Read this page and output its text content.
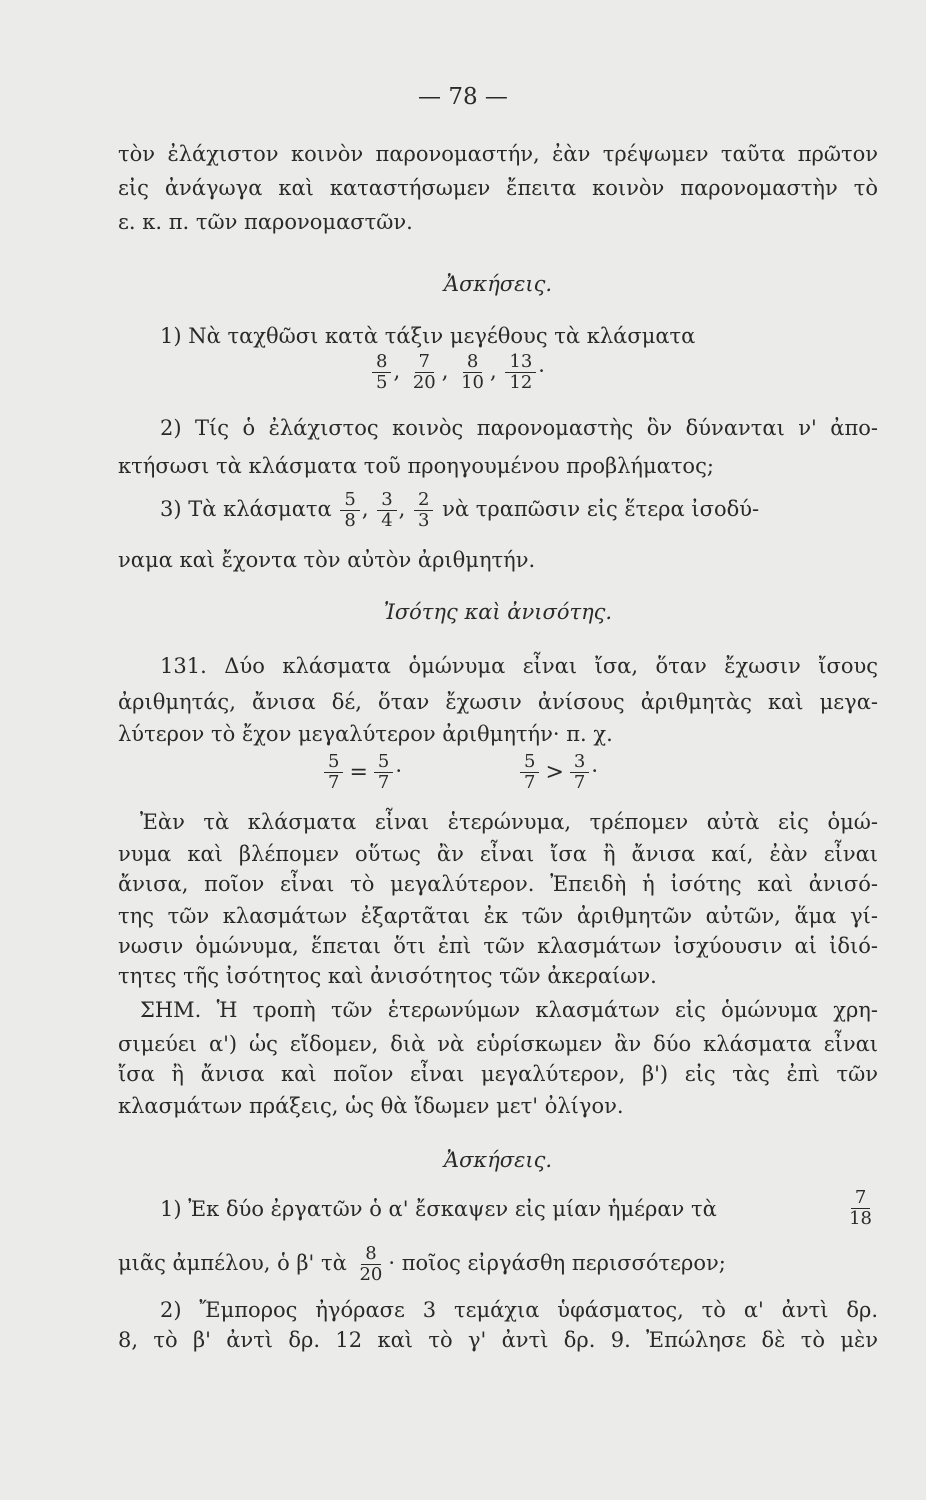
— 78 —
τὸν ἐλάχιστον κοινὸν παρονομαστήν, ἐὰν τρέψωμεν ταῦτα πρῶτον
εἰς ἀνάγωγα καὶ καταστήσωμεν ἔπειτα κοινὸν παρονομαστὴν τὸ
ε. κ. π. τῶν παρονομαστῶν.
Ἀσκήσεις.
1) Νὰ ταχθῶσι κατὰ τάξιν μεγέθους τὰ κλάσματα
$\frac{8}{5}$ , $\frac{7}{20}$ , $\frac{8}{10}$ , $\frac{13}{12}$ ·
2) Τίς ὁ ἐλάχιστος κοινὸς παρονομαστὴς ὃν δύνανται ν' ἀπο-
κτήσωσι τὰ κλάσματα τοῦ προηγουμένου προβλήματος;
3) Τὰ κλάσματα $\frac{5}{8}$ , $\frac{3}{4}$ , $\frac{2}{3}$ νὰ τραπῶσιν εἰς ἕτερα ἰσοδύ-
ναμα καὶ ἔχοντα τὸν αὐτὸν ἀριθμητήν.
Ἰσότης καὶ ἀνισότης.
131. Δύο κλάσματα ὁμώνυμα εἶναι ἴσα, ὅταν ἔχωσιν ἴσους
ἀριθμητάς, ἄνισα δέ, ὅταν ἔχωσιν ἀνίσους ἀριθμητὰς καὶ μεγα-
λύτερον τὸ ἔχον μεγαλύτερον ἀριθμητήν· π. χ.
$\frac{5}{7} = \frac{5}{7}$ ·	$\frac{5}{7} > \frac{3}{7}$ ·
Ἐὰν τὰ κλάσματα εἶναι ἑτερώνυμα, τρέπομεν αὐτὰ εἰς ὁμώ-
νυμα καὶ βλέπομεν οὕτως ἂν εἶναι ἴσα ἢ ἄνισα καί, ἐὰν εἶναι
ἄνισα, ποῖον εἶναι τὸ μεγαλύτερον. Ἐπειδὴ ἡ ἰσότης καὶ ἀνισό-
της τῶν κλασμάτων ἐξαρτᾶται ἐκ τῶν ἀριθμητῶν αὐτῶν, ἅμα γί-
νωσιν ὁμώνυμα, ἕπεται ὅτι ἐπὶ τῶν κλασμάτων ἰσχύουσιν αἱ ἰδιό-
τητες τῆς ἰσότητος καὶ ἀνισότητος τῶν ἀκεραίων.
ΣΗΜ. Ἡ τροπὴ τῶν ἑτερωνύμων κλασμάτων εἰς ὁμώνυμα χρη-
σιμεύει α') ὡς εἴδομεν, διὰ νὰ εὑρίσκωμεν ἂν δύο κλάσματα εἶναι
ἴσα ἢ ἄνισα καὶ ποῖον εἶναι μεγαλύτερον, β') εἰς τὰς ἐπὶ τῶν
κλασμάτων πράξεις, ὡς θὰ ἴδωμεν μετ' ὀλίγον.
Ἀσκήσεις.
1) Ἐκ δύο ἐργατῶν ὁ α' ἔσκαψεν εἰς μίαν ἡμέραν τὰ	$\frac{7}{18}$
μιᾶς ἀμπέλου, ὁ β' τὰ $\frac{8}{20}$ · ποῖος εἰργάσθη περισσότερον;
2) Ἔμπορος ἠγόρασε 3 τεμάχια ὑφάσματος, τὸ α' ἀντὶ δρ.
8, τὸ β' ἀντὶ δρ. 12 καὶ τὸ γ' ἀντὶ δρ. 9. Ἐπώλησε δὲ τὸ μὲν
